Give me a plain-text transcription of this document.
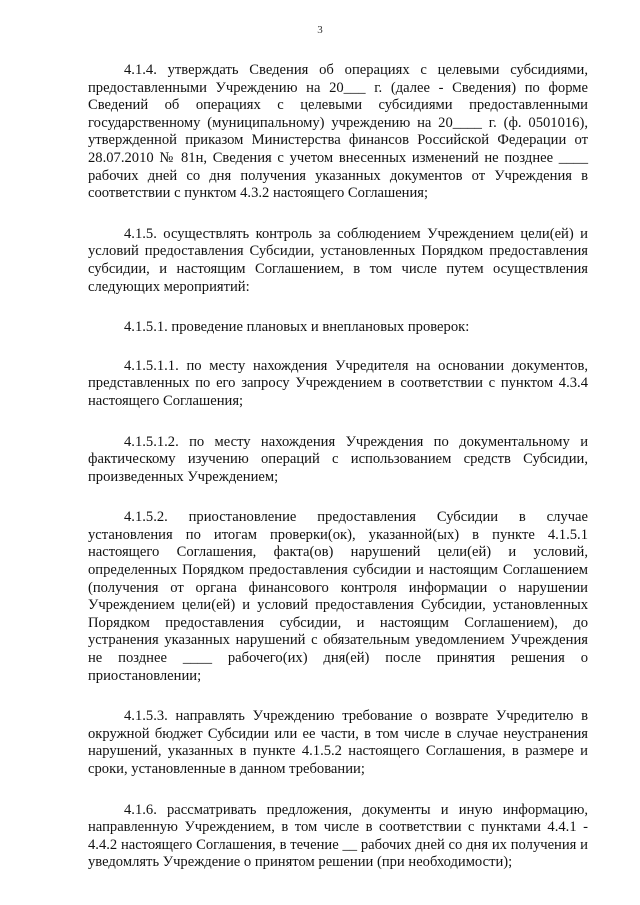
3

4.1.4. утверждать Сведения об операциях с целевыми субсидиями, предоставленными Учреждению на 20___ г. (далее - Сведения) по форме Сведений об операциях с целевыми субсидиями предоставленными государственному (муниципальному) учреждению на 20____ г. (ф. 0501016), утвержденной приказом Министерства финансов Российской Федерации от 28.07.2010 № 81н, Сведения с учетом внесенных изменений не позднее ____ рабочих дней со дня получения указанных документов от Учреждения в соответствии с пунктом 4.3.2 настоящего Соглашения;

4.1.5. осуществлять контроль за соблюдением Учреждением цели(ей) и условий предоставления Субсидии, установленных Порядком предоставления субсидии, и настоящим Соглашением, в том числе путем осуществления следующих мероприятий:

4.1.5.1. проведение плановых и внеплановых проверок:

4.1.5.1.1. по месту нахождения Учредителя на основании документов, представленных по его запросу Учреждением в соответствии с пунктом 4.3.4 настоящего Соглашения;

4.1.5.1.2. по месту нахождения Учреждения по документальному и фактическому изучению операций с использованием средств Субсидии, произведенных Учреждением;

4.1.5.2. приостановление предоставления Субсидии в случае установления по итогам проверки(ок), указанной(ых) в пункте 4.1.5.1 настоящего Соглашения, факта(ов) нарушений цели(ей) и условий, определенных Порядком предоставления субсидии и настоящим Соглашением (получения от органа финансового контроля информации о нарушении Учреждением цели(ей) и условий предоставления Субсидии, установленных Порядком предоставления субсидии, и настоящим Соглашением), до устранения указанных нарушений с обязательным уведомлением Учреждения не позднее ____ рабочего(их) дня(ей) после принятия решения о приостановлении;

4.1.5.3. направлять Учреждению требование о возврате Учредителю в окружной бюджет Субсидии или ее части, в том числе в случае неустранения нарушений, указанных в пункте 4.1.5.2 настоящего Соглашения, в размере и сроки, установленные в данном требовании;

4.1.6. рассматривать предложения, документы и иную информацию, направленную Учреждением, в том числе в соответствии с пунктами 4.4.1 - 4.4.2 настоящего Соглашения, в течение __ рабочих дней со дня их получения и уведомлять Учреждение о принятом решении (при необходимости);
